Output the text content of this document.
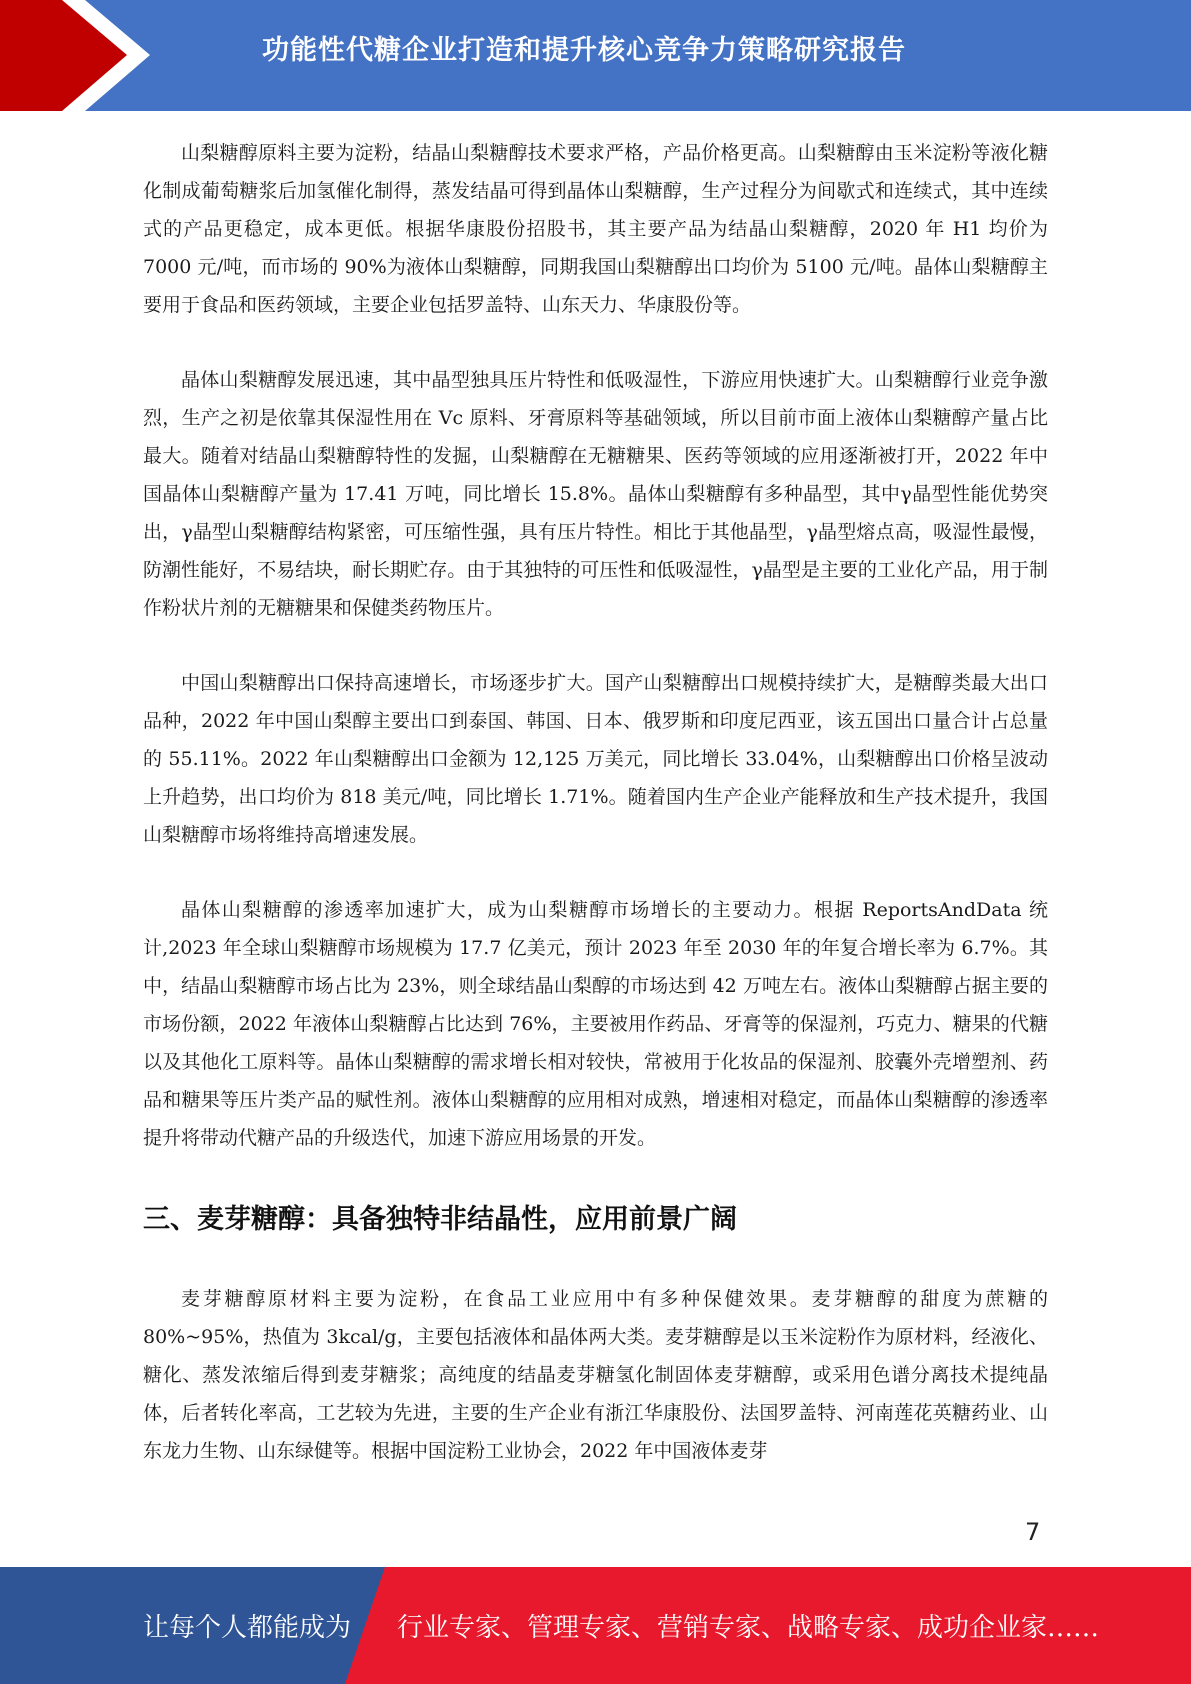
功能性代糖企业打造和提升核心竞争力策略研究报告

山梨糖醇原料主要为淀粉，结晶山梨糖醇技术要求严格，产品价格更高。山梨糖醇由玉米淀粉等液化糖化制成葡萄糖浆后加氢催化制得，蒸发结晶可得到晶体山梨糖醇，生产过程分为间歇式和连续式，其中连续式的产品更稳定，成本更低。根据华康股份招股书，其主要产品为结晶山梨糖醇，2020 年 H1 均价为 7000 元/吨，而市场的 90%为液体山梨糖醇，同期我国山梨糖醇出口均价为 5100 元/吨。晶体山梨糖醇主要用于食品和医药领域，主要企业包括罗盖特、山东天力、华康股份等。

晶体山梨糖醇发展迅速，其中晶型独具压片特性和低吸湿性，下游应用快速扩大。山梨糖醇行业竞争激烈，生产之初是依靠其保湿性用在 Vc 原料、牙膏原料等基础领域，所以目前市面上液体山梨糖醇产量占比最大。随着对结晶山梨糖醇特性的发掘，山梨糖醇在无糖糖果、医药等领域的应用逐渐被打开，2022 年中国晶体山梨糖醇产量为 17.41 万吨，同比增长 15.8%。晶体山梨糖醇有多种晶型，其中γ晶型性能优势突出，γ晶型山梨糖醇结构紧密，可压缩性强，具有压片特性。相比于其他晶型，γ晶型熔点高，吸湿性最慢，防潮性能好，不易结块，耐长期贮存。由于其独特的可压性和低吸湿性，γ晶型是主要的工业化产品，用于制作粉状片剂的无糖糖果和保健类药物压片。

中国山梨糖醇出口保持高速增长，市场逐步扩大。国产山梨糖醇出口规模持续扩大，是糖醇类最大出口品种，2022 年中国山梨醇主要出口到泰国、韩国、日本、俄罗斯和印度尼西亚，该五国出口量合计占总量的 55.11%。2022 年山梨糖醇出口金额为 12,125 万美元，同比增长 33.04%，山梨糖醇出口价格呈波动上升趋势，出口均价为 818 美元/吨，同比增长 1.71%。随着国内生产企业产能释放和生产技术提升，我国山梨糖醇市场将维持高增速发展。

晶体山梨糖醇的渗透率加速扩大，成为山梨糖醇市场增长的主要动力。根据 ReportsAndData 统计,2023 年全球山梨糖醇市场规模为 17.7 亿美元，预计 2023 年至 2030 年的年复合增长率为 6.7%。其中，结晶山梨糖醇市场占比为 23%，则全球结晶山梨醇的市场达到 42 万吨左右。液体山梨糖醇占据主要的市场份额，2022 年液体山梨糖醇占比达到 76%，主要被用作药品、牙膏等的保湿剂，巧克力、糖果的代糖以及其他化工原料等。晶体山梨糖醇的需求增长相对较快，常被用于化妆品的保湿剂、胶囊外壳增塑剂、药品和糖果等压片类产品的赋性剂。液体山梨糖醇的应用相对成熟，增速相对稳定，而晶体山梨糖醇的渗透率提升将带动代糖产品的升级迭代，加速下游应用场景的开发。

三、麦芽糖醇：具备独特非结晶性，应用前景广阔

麦芽糖醇原材料主要为淀粉，在食品工业应用中有多种保健效果。麦芽糖醇的甜度为蔗糖的 80%~95%，热值为 3kcal/g，主要包括液体和晶体两大类。麦芽糖醇是以玉米淀粉作为原材料，经液化、糖化、蒸发浓缩后得到麦芽糖浆；高纯度的结晶麦芽糖氢化制固体麦芽糖醇，或采用色谱分离技术提纯晶体，后者转化率高，工艺较为先进，主要的生产企业有浙江华康股份、法国罗盖特、河南莲花英糖药业、山东龙力生物、山东绿健等。根据中国淀粉工业协会，2022 年中国液体麦芽

7
让每个人都能成为 行业专家、管理专家、营销专家、战略专家、成功企业家……
